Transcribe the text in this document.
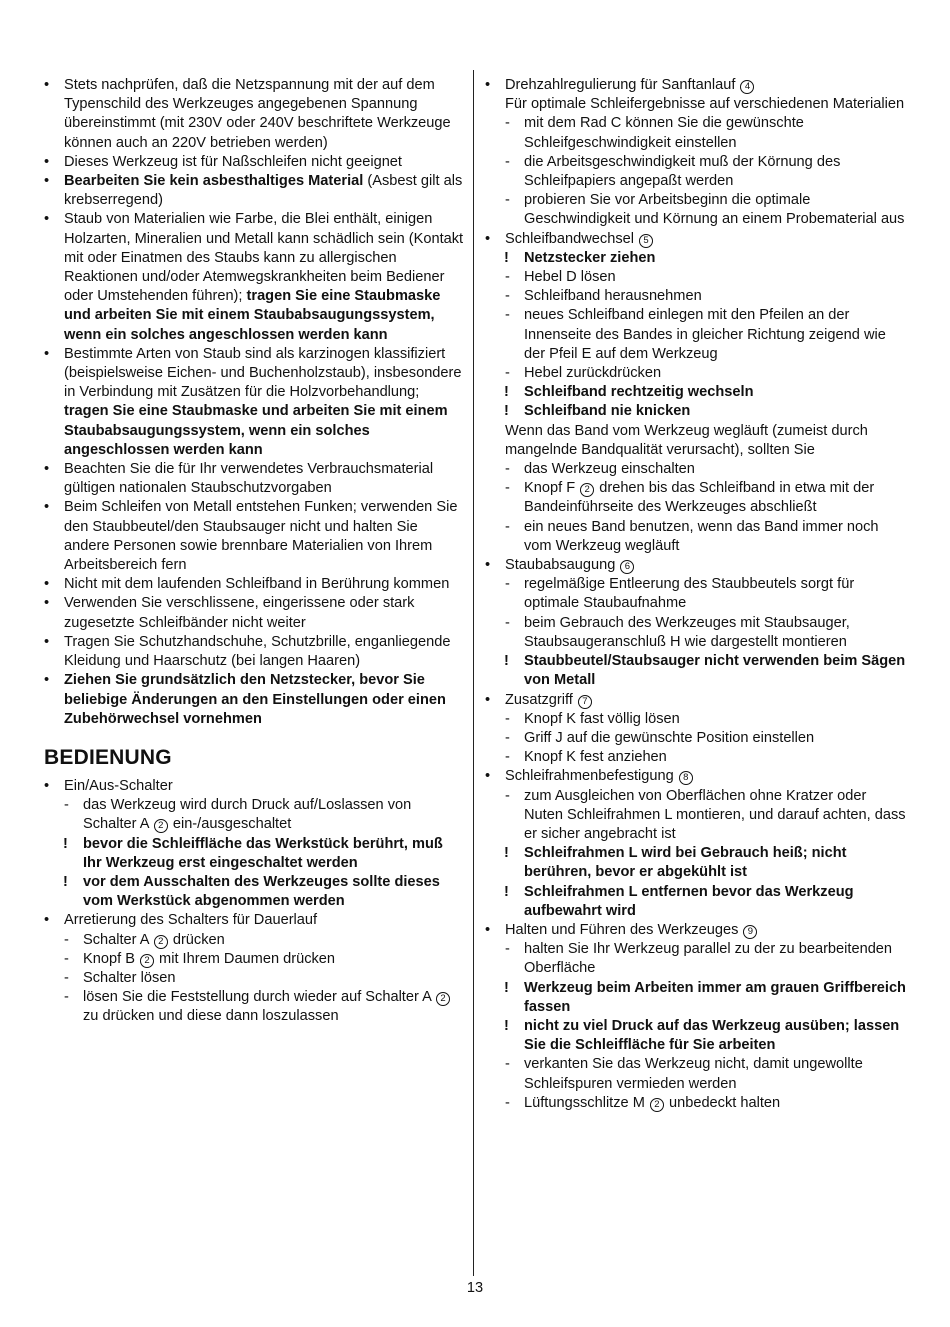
• Stets nachprüfen, daß die Netzspannung mit der auf dem Typenschild des Werkzeuges angegebenen Spannung übereinstimmt (mit 230V oder 240V beschriftete Werkzeuge können auch an 220V betrieben werden)
• Dieses Werkzeug ist für Naßschleifen nicht geeignet
• Bearbeiten Sie kein asbesthaltiges Material (Asbest gilt als krebserregend)
• Staub von Materialien wie Farbe, die Blei enthält, einigen Holzarten, Mineralien und Metall kann schädlich sein (Kontakt mit oder Einatmen des Staubs kann zu allergischen Reaktionen und/oder Atemwegskrankheiten beim Bediener oder Umstehenden führen); tragen Sie eine Staubmaske und arbeiten Sie mit einem Staubabsaugungssystem, wenn ein solches angeschlossen werden kann
• Bestimmte Arten von Staub sind als karzinogen klassifiziert (beispielsweise Eichen- und Buchenholzstaub), insbesondere in Verbindung mit Zusätzen für die Holzvorbehandlung; tragen Sie eine Staubmaske und arbeiten Sie mit einem Staubabsaugungssystem, wenn ein solches angeschlossen werden kann
• Beachten Sie die für Ihr verwendetes Verbrauchsmaterial gültigen nationalen Staubschutzvorgaben
• Beim Schleifen von Metall entstehen Funken; verwenden Sie den Staubbeutel/den Staubsauger nicht und halten Sie andere Personen sowie brennbare Materialien von Ihrem Arbeitsbereich fern
• Nicht mit dem laufenden Schleifband in Berührung kommen
• Verwenden Sie verschlissene, eingerissene oder stark zugesetzte Schleifbänder nicht weiter
• Tragen Sie Schutzhandschuhe, Schutzbrille, enganliegende Kleidung und Haarschutz (bei langen Haaren)
• Ziehen Sie grundsätzlich den Netzstecker, bevor Sie beliebige Änderungen an den Einstellungen oder einen Zubehörwechsel vornehmen
BEDIENUNG
• Ein/Aus-Schalter
- das Werkzeug wird durch Druck auf/Loslassen von Schalter A 2 ein-/ausgeschaltet
! bevor die Schleiffläche das Werkstück berührt, muß Ihr Werkzeug erst eingeschaltet werden
! vor dem Ausschalten des Werkzeuges sollte dieses vom Werkstück abgenommen werden
• Arretierung des Schalters für Dauerlauf
- Schalter A 2 drücken
- Knopf B 2 mit Ihrem Daumen drücken
- Schalter lösen
- lösen Sie die Feststellung durch wieder auf Schalter A 2 zu drücken und diese dann loszulassen
• Drehzahlregulierung für Sanftanlauf 4
Für optimale Schleifergebnisse auf verschiedenen Materialien
- mit dem Rad C können Sie die gewünschte Schleifgeschwindigkeit einstellen
- die Arbeitsgeschwindigkeit muß der Körnung des Schleifpapiers angepaßt werden
- probieren Sie vor Arbeitsbeginn die optimale Geschwindigkeit und Körnung an einem Probematerial aus
• Schleifbandwechsel 5
! Netzstecker ziehen
- Hebel D lösen
- Schleifband herausnehmen
- neues Schleifband einlegen mit den Pfeilen an der Innenseite des Bandes in gleicher Richtung zeigend wie der Pfeil E auf dem Werkzeug
- Hebel zurückdrücken
! Schleifband rechtzeitig wechseln
! Schleifband nie knicken
Wenn das Band vom Werkzeug wegläuft (zumeist durch mangelnde Bandqualität verursacht), sollten Sie
- das Werkzeug einschalten
- Knopf F 2 drehen bis das Schleifband in etwa mit der Bandeinführseite des Werkzeuges abschließt
- ein neues Band benutzen, wenn das Band immer noch vom Werkzeug wegläuft
• Staubabsaugung 6
- regelmäßige Entleerung des Staubbeutels sorgt für optimale Staubaufnahme
- beim Gebrauch des Werkzeuges mit Staubsauger, Staubsaugeranschluß H wie dargestellt montieren
! Staubbeutel/Staubsauger nicht verwenden beim Sägen von Metall
• Zusatzgriff 7
- Knopf K fast völlig lösen
- Griff J auf die gewünschte Position einstellen
- Knopf K fest anziehen
• Schleifrahmenbefestigung 8
- zum Ausgleichen von Oberflächen ohne Kratzer oder Nuten Schleifrahmen L montieren, und darauf achten, dass er sicher angebracht ist
! Schleifrahmen L wird bei Gebrauch heiß; nicht berühren, bevor er abgekühlt ist
! Schleifrahmen L entfernen bevor das Werkzeug aufbewahrt wird
• Halten und Führen des Werkzeuges 9
- halten Sie Ihr Werkzeug parallel zu der zu bearbeitenden Oberfläche
! Werkzeug beim Arbeiten immer am grauen Griffbereich fassen
! nicht zu viel Druck auf das Werkzeug ausüben; lassen Sie die Schleiffläche für Sie arbeiten
- verkanten Sie das Werkzeug nicht, damit ungewollte Schleifspuren vermieden werden
- Lüftungsschlitze M 2 unbedeckt halten
13
